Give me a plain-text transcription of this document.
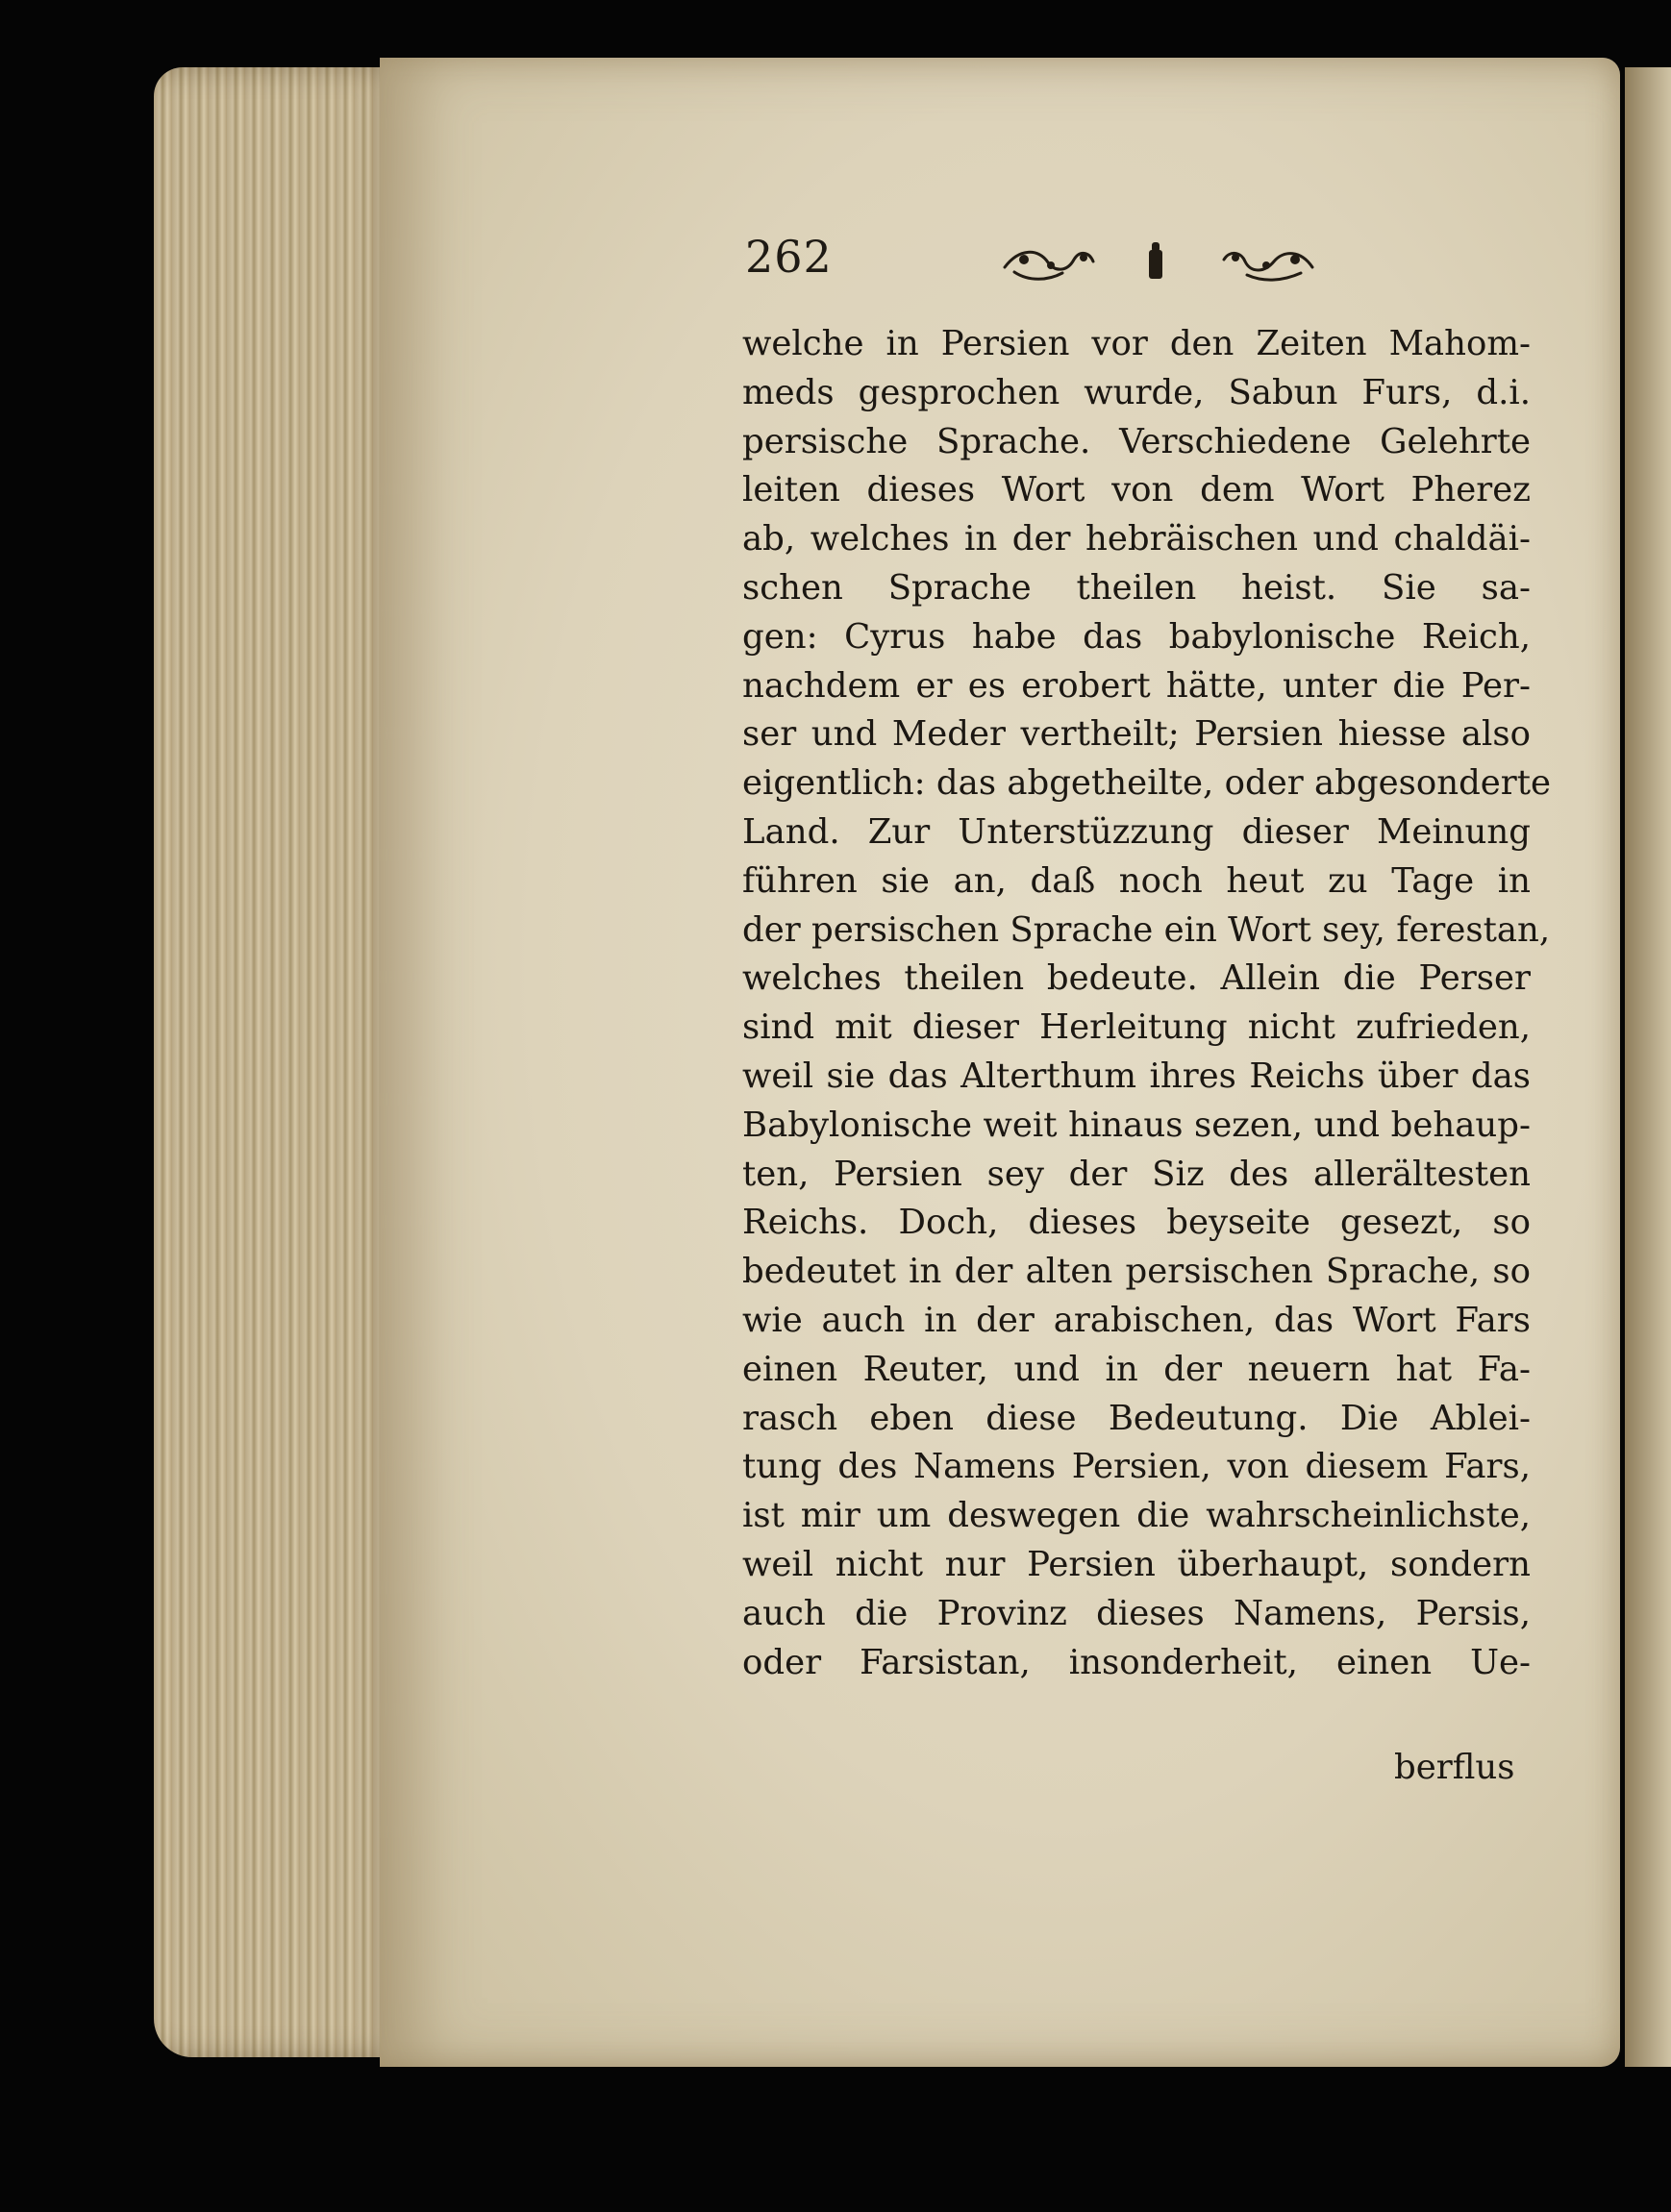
262
welche in Persien vor den Zeiten Mahom-
meds gesprochen wurde, Sabun Furs, d.i.
persische Sprache. Verschiedene Gelehrte
leiten dieses Wort von dem Wort Pherez
ab, welches in der hebräischen und chaldäi-
schen Sprache theilen heist. Sie sa-
gen: Cyrus habe das babylonische Reich,
nachdem er es erobert hätte, unter die Per-
ser und Meder vertheilt; Persien hiesse also
eigentlich: das abgetheilte, oder abgesonderte
Land. Zur Unterstüzzung dieser Meinung
führen sie an, daß noch heut zu Tage in
der persischen Sprache ein Wort sey, ferestan,
welches theilen bedeute. Allein die Perser
sind mit dieser Herleitung nicht zufrieden,
weil sie das Alterthum ihres Reichs über das
Babylonische weit hinaus sezen, und behaup-
ten, Persien sey der Siz des allerältesten
Reichs. Doch, dieses beyseite gesezt, so
bedeutet in der alten persischen Sprache, so
wie auch in der arabischen, das Wort Fars
einen Reuter, und in der neuern hat Fa-
rasch eben diese Bedeutung. Die Ablei-
tung des Namens Persien, von diesem Fars,
ist mir um deswegen die wahrscheinlichste,
weil nicht nur Persien überhaupt, sondern
auch die Provinz dieses Namens, Persis,
oder Farsistan, insonderheit, einen Ue-
berflus
